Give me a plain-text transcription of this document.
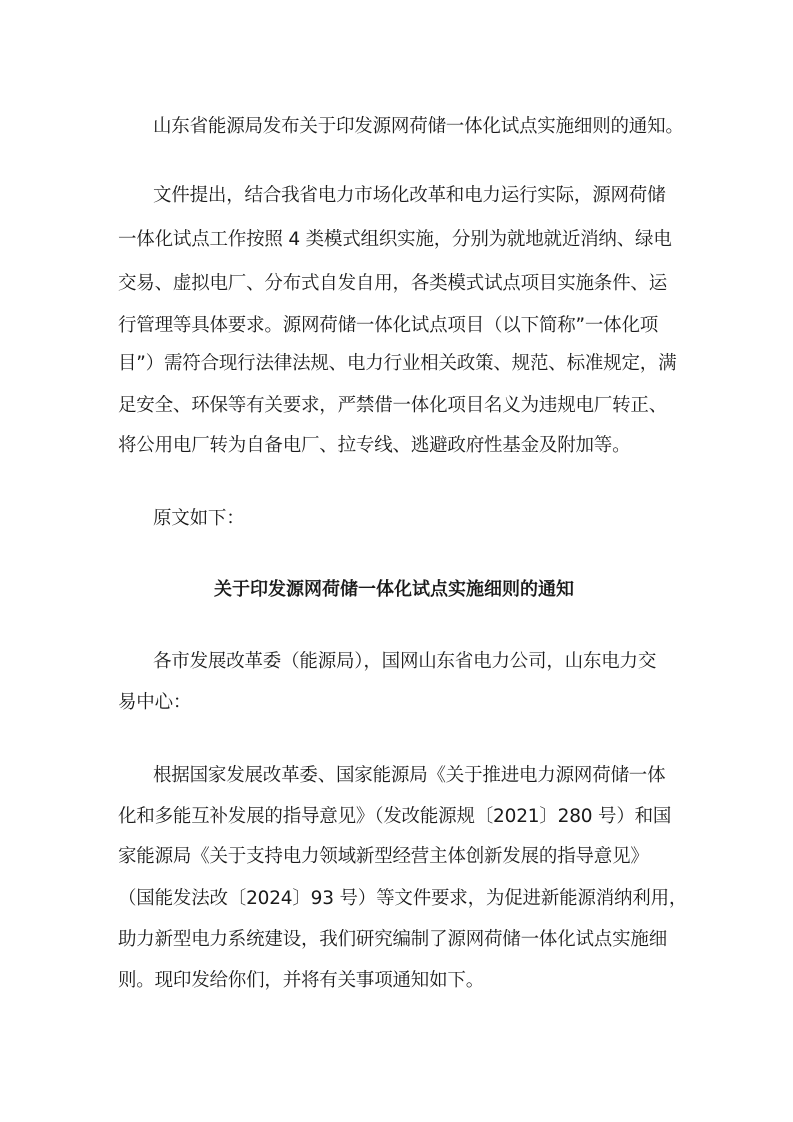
山东省能源局发布关于印发源网荷储一体化试点实施细则的通知。
文件提出，结合我省电力市场化改革和电力运行实际，源网荷储
一体化试点工作按照 4 类模式组织实施，分别为就地就近消纳、绿电
交易、虚拟电厂、分布式自发自用，各类模式试点项目实施条件、运
行管理等具体要求。源网荷储一体化试点项目（以下简称”一体化项
目”）需符合现行法律法规、电力行业相关政策、规范、标准规定，满
足安全、环保等有关要求，严禁借一体化项目名义为违规电厂转正、
将公用电厂转为自备电厂、拉专线、逃避政府性基金及附加等。
原文如下：
关于印发源网荷储一体化试点实施细则的通知
各市发展改革委（能源局），国网山东省电力公司，山东电力交
易中心：
根据国家发展改革委、国家能源局《关于推进电力源网荷储一体
化和多能互补发展的指导意见》（发改能源规〔2021〕280 号）和国
家能源局《关于支持电力领域新型经营主体创新发展的指导意见》
（国能发法改〔2024〕93 号）等文件要求，为促进新能源消纳利用，
助力新型电力系统建设，我们研究编制了源网荷储一体化试点实施细
则。现印发给你们，并将有关事项通知如下。
